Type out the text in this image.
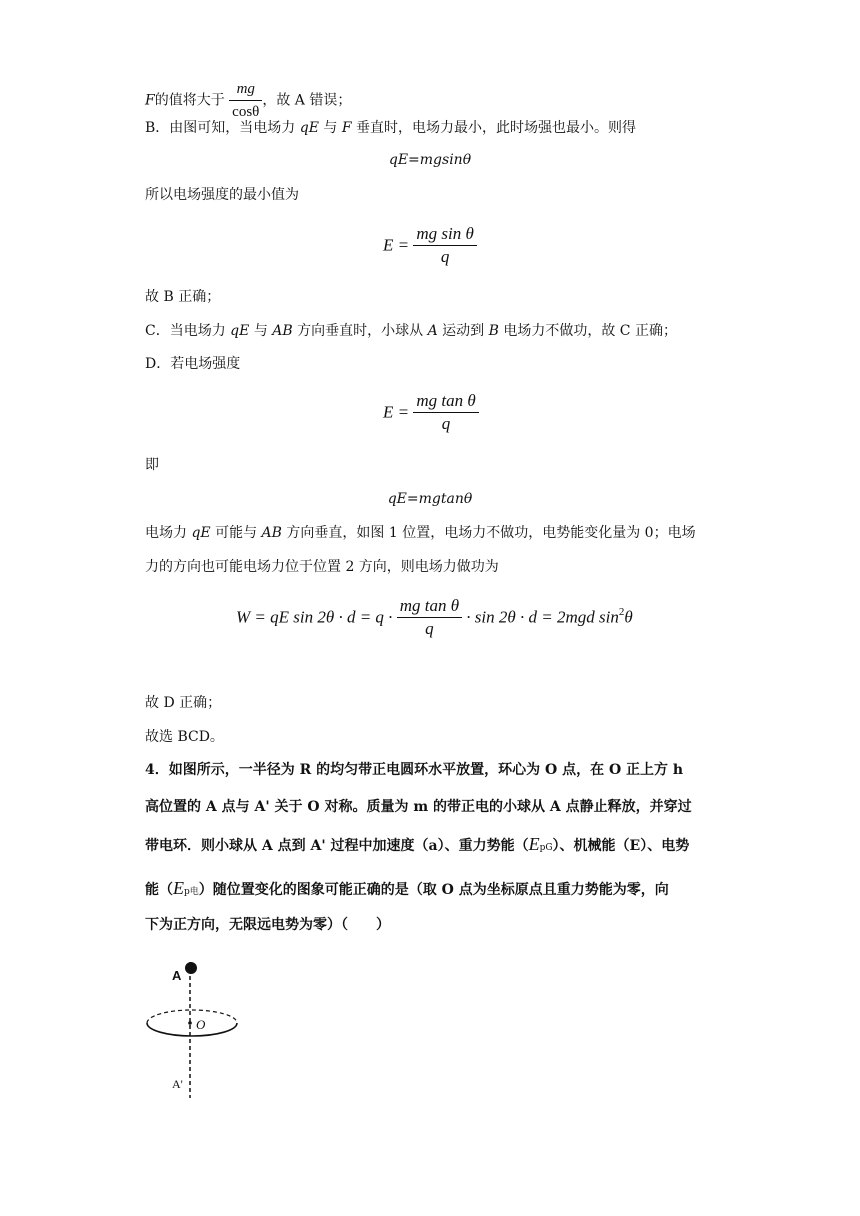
F的值将大于 $\frac{mg}{\cos\theta}$ ，故 A 错误；
B．由图可知，当电场力 qE 与 F 垂直时，电场力最小，此时场强也最小。则得
qE=mgsinθ
所以电场强度的最小值为
$E = \frac{\text{mg sin θ}}{q}$
故 B 正确；
C．当电场力 qE 与 AB 方向垂直时，小球从 A 运动到 B 电场力不做功，故 C 正确；
D．若电场强度
$E = \frac{\text{mg tan θ}}{q}$
即
qE=mgtanθ
电场力 qE 可能与 AB 方向垂直，如图 1 位置，电场力不做功，电势能变化量为 0；电场
力的方向也可能电场力位于位置 2 方向，则电场力做功为
W = qE $\sin 2\theta \cdot d = q \cdot \frac{\text{mg tan θ}}{q} \cdot \sin 2\theta \cdot d = 2mgd$ $\sin^2\theta$
故 D 正确；
故选 BCD。
4．如图所示，一半径为 R 的均匀带正电圆环水平放置，环心为 O 点，在 O 正上方 h
高位置的 A 点与 A' 关于 O 对称。质量为 m 的带正电的小球从 A 点静止释放，并穿过
带电环．则小球从 A 点到 A' 过程中加速度（a）、重力势能（EpG）、机械能（E）、电势
能（Ep电）随位置变化的图象可能正确的是（取 O 点为坐标原点且重力势能为零，向
下为正方向，无限远电势为零）（　　）
A
O
A'
